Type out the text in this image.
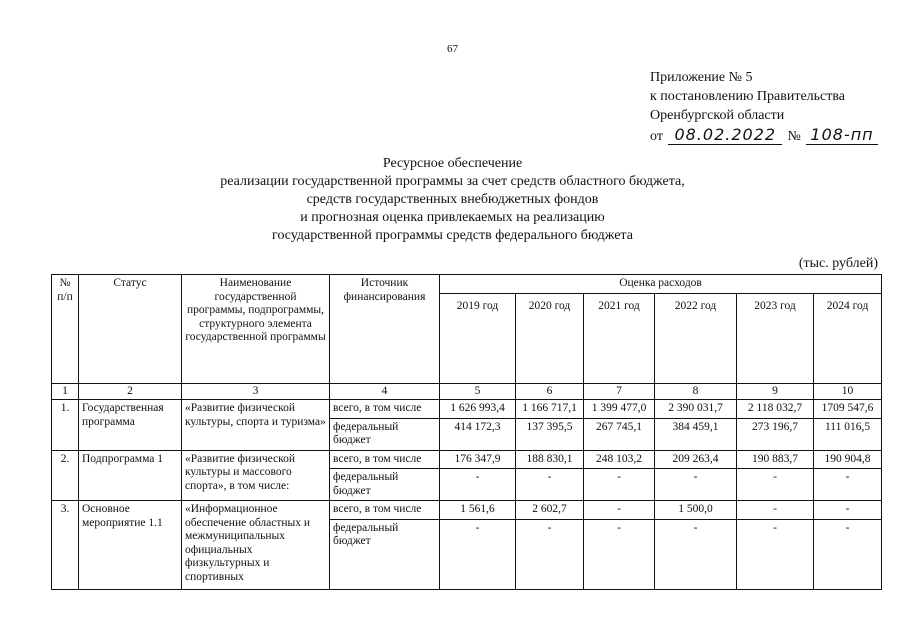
67
Приложение № 5
к постановлению Правительства
Оренбургской области
от 08.02.2022 № 108-пп
Ресурсное обеспечение
реализации государственной программы за счет средств областного бюджета,
средств государственных внебюджетных фондов
и прогнозная оценка привлекаемых на реализацию
государственной программы средств федерального бюджета
(тыс. рублей)
№ п/п	Статус	Наименование государственной программы, подпрограммы, структурного элемента государственной программы	Источник финансирования	Оценка расходов					
				2019 год	2020 год	2021 год	2022 год	2023 год	2024 год
1	2	3	4	5	6	7	8	9	10
1.	Государственная программа	«Развитие физической культуры, спорта и туризма»	всего, в том числе	1 626 993,4	1 166 717,1	1 399 477,0	2 390 031,7	2 118 032,7	1709 547,6
			федеральный бюджет	414 172,3	137 395,5	267 745,1	384 459,1	273 196,7	111 016,5
2.	Подпрограмма 1	«Развитие физической культуры и массового спорта», в том числе:	всего, в том числе	176 347,9	188 830,1	248 103,2	209 263,4	190 883,7	190 904,8
			федеральный бюджет	-	-	-	-	-	-
3.	Основное мероприятие 1.1	«Информационное обеспечение областных и межмуниципальных официальных физкультурных и спортивных	всего, в том числе	1 561,6	2 602,7	-	1 500,0	-	-
			федеральный бюджет	-	-	-	-	-	-
